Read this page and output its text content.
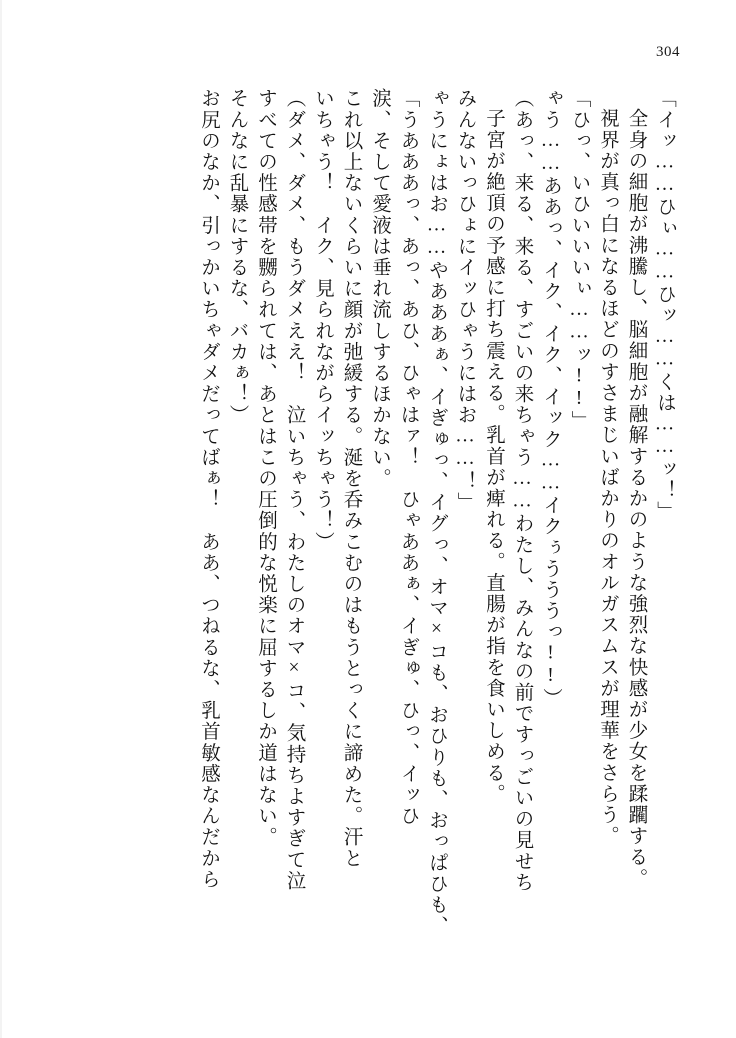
304
お尻のなか、引っかいちゃダメだってばぁ！　ああ、つねるな、乳首敏感なんだから そんなに乱暴にするな、バカぁ！） すべての性感帯を嬲られては、あとはこの圧倒的な悦楽に屈するしか道はない。 （ダメ、ダメ、もうダメええ！　泣いちゃう、わたしのオマ×コ、気持ちよすぎて泣 いちゃう！　イク、見られながらイッちゃう！） これ以上ないくらいに顔が弛緩する。涎を呑みこむのはもうとっくに諦めた。汗と 涙、そして愛液は垂れ流しするほかない。 「うあああっ、あっ、あひ、ひゃはァ！　ひゃああぁ、イぎゅ、ひっ、イッひ ゃうにょはお……やあああぁ、イぎゅっ、イグっ、オマ×コも、おひりも、おっぱひも、 みんないっひょにイッひゃうにはお……！」 子宮が絶頂の予感に打ち震える。乳首が痺れる。直腸が指を食いしめる。 （あっ、来る、来る、すごいの来ちゃう……わたし、みんなの前ですっごいの見せち ゃう……ああっ、イク、イク、イック……イクぅうううっ!!） 「ひっ、いひいいいぃ……ッ!!」 視界が真っ白になるほどのすさまじいばかりのオルガスムスが理華をさらう。 全身の細胞が沸騰し、脳細胞が融解するかのような強烈な快感が少女を蹂躙する。 「イッ……ひぃ……ひッ……くは……ッ！」
